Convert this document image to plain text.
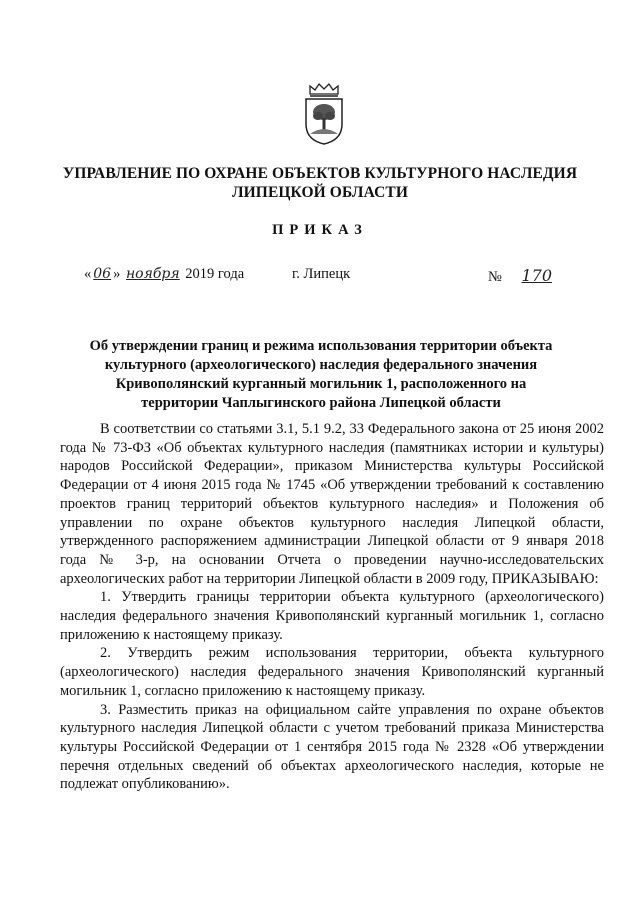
УПРАВЛЕНИЕ ПО ОХРАНЕ ОБЪЕКТОВ КУЛЬТУРНОГО НАСЛЕДИЯ ЛИПЕЦКОЙ ОБЛАСТИ
ПРИКАЗ
« 06 » ноября 2019 года	г. Липецк	№ 170
Об утверждении границ и режима использования территории объекта культурного (археологического) наследия федерального значения Кривополянский курганный могильник 1, расположенного на территории Чаплыгинского района Липецкой области

В соответствии со статьями 3.1, 5.1 9.2, 33 Федерального закона от 25 июня 2002 года № 73-ФЗ «Об объектах культурного наследия (памятниках истории и культуры) народов Российской Федерации», приказом Министерства культуры Российской Федерации от 4 июня 2015 года № 1745 «Об утверждении требований к составлению проектов границ территорий объектов культурного наследия» и Положения об управлении по охране объектов культурного наследия Липецкой области, утвержденного распоряжением администрации Липецкой области от 9 января 2018 года № 3-р, на основании Отчета о проведении научно-исследовательских археологических работ на территории Липецкой области в 2009 году, ПРИКАЗЫВАЮ:

1. Утвердить границы территории объекта культурного (археологического) наследия федерального значения Кривополянский курганный могильник 1, согласно приложению к настоящему приказу.

2. Утвердить режим использования территории, объекта культурного (археологического) наследия федерального значения Кривополянский курганный могильник 1, согласно приложению к настоящему приказу.

3. Разместить приказ на официальном сайте управления по охране объектов культурного наследия Липецкой области с учетом требований приказа Министерства культуры Российской Федерации от 1 сентября 2015 года № 2328 «Об утверждении перечня отдельных сведений об объектах археологического наследия, которые не подлежат опубликованию».
